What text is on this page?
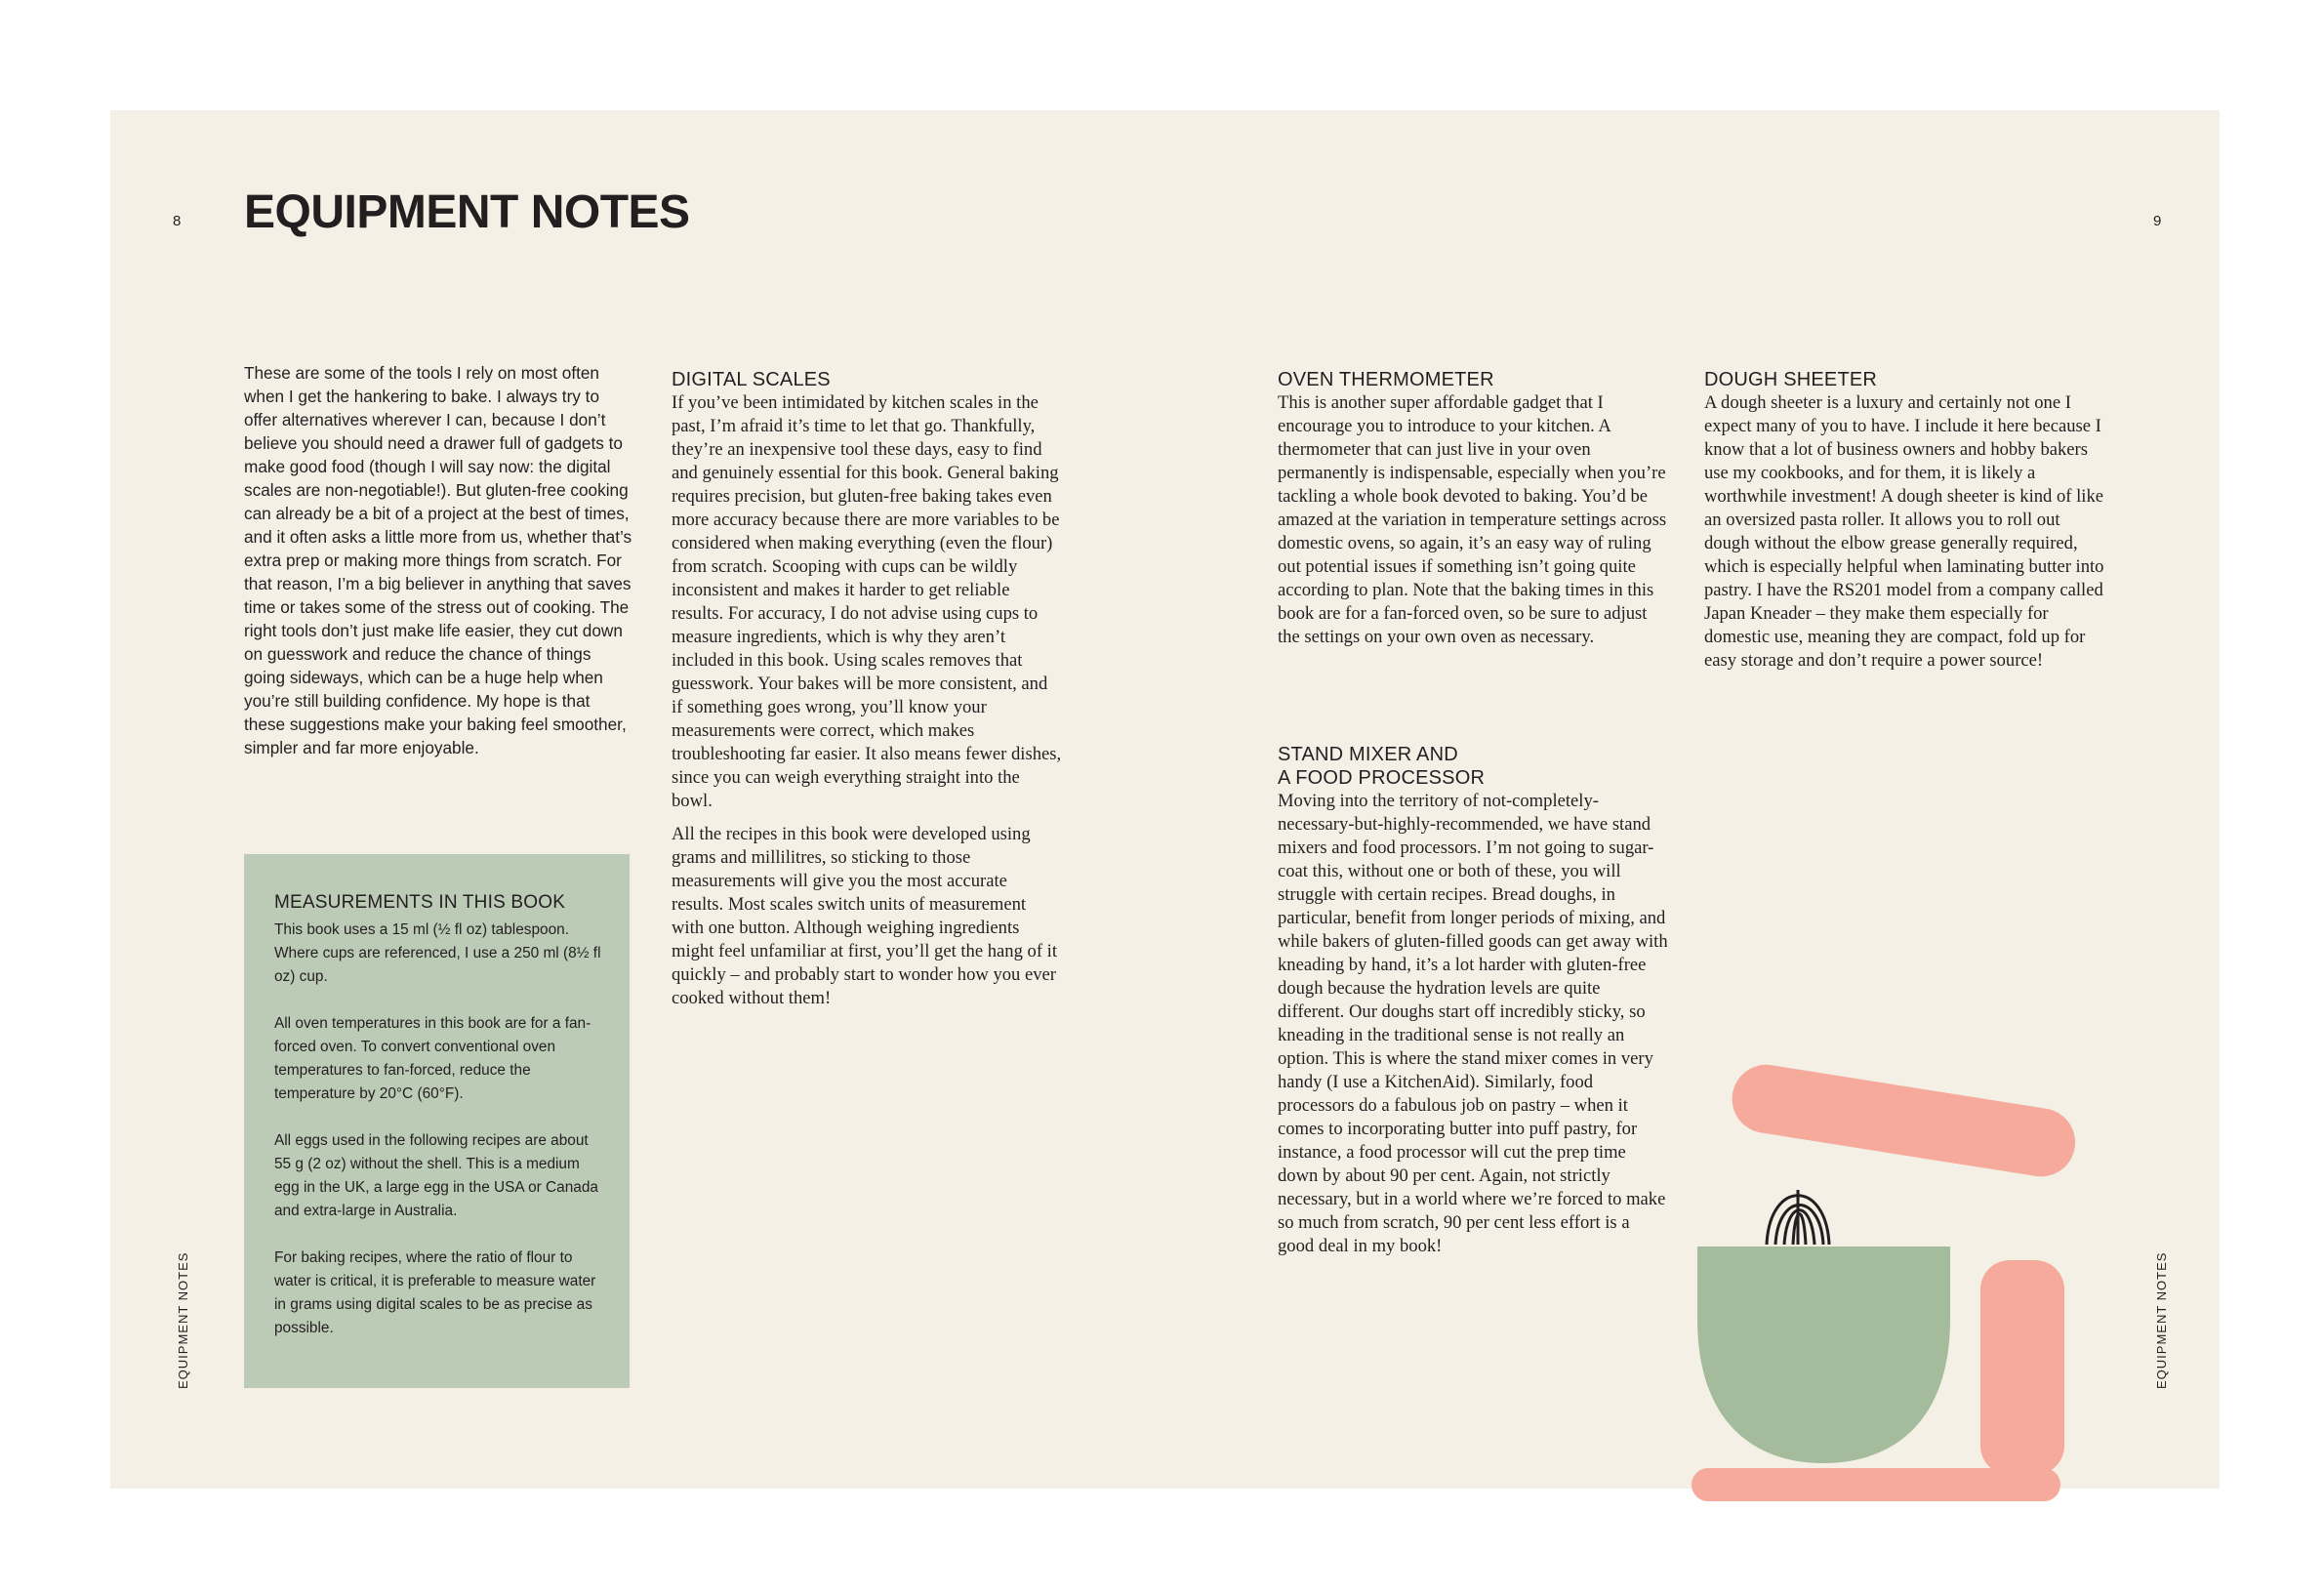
8	9
EQUIPMENT NOTES	EQUIPMENT NOTES
EQUIPMENT NOTES

These are some of the tools I rely on most often when I get the hankering to bake. I always try to offer alternatives wherever I can, because I don’t believe you should need a drawer full of gadgets to make good food (though I will say now: the digital scales are non-negotiable!). But gluten-free cooking can already be a bit of a project at the best of times, and it often asks a little more from us, whether that’s extra prep or making more things from scratch. For that reason, I’m a big believer in anything that saves time or takes some of the stress out of cooking. The right tools don’t just make life easier, they cut down on guesswork and reduce the chance of things going sideways, which can be a huge help when you’re still building confidence. My hope is that these suggestions make your baking feel smoother, simpler and far more enjoyable.

MEASUREMENTS IN THIS BOOK

This book uses a 15 ml (½ fl oz) tablespoon. Where cups are referenced, I use a 250 ml (8½ fl oz) cup.

All oven temperatures in this book are for a fan-forced oven. To convert conventional oven temperatures to fan-forced, reduce the temperature by 20°C (60°F).

All eggs used in the following recipes are about 55 g (2 oz) without the shell. This is a medium egg in the UK, a large egg in the USA or Canada and extra-large in Australia.

For baking recipes, where the ratio of flour to water is critical, it is preferable to measure water in grams using digital scales to be as precise as possible.

DIGITAL SCALES

If you’ve been intimidated by kitchen scales in the past, I’m afraid it’s time to let that go. Thankfully, they’re an inexpensive tool these days, easy to find and genuinely essential for this book. General baking requires precision, but gluten-free baking takes even more accuracy because there are more variables to be considered when making everything (even the flour) from scratch. Scooping with cups can be wildly inconsistent and makes it harder to get reliable results. For accuracy, I do not advise using cups to measure ingredients, which is why they aren’t included in this book. Using scales removes that guesswork. Your bakes will be more consistent, and if something goes wrong, you’ll know your measurements were correct, which makes troubleshooting far easier. It also means fewer dishes, since you can weigh everything straight into the bowl.

All the recipes in this book were developed using grams and millilitres, so sticking to those measurements will give you the most accurate results. Most scales switch units of measurement with one button. Although weighing ingredients might feel unfamiliar at first, you’ll get the hang of it quickly – and probably start to wonder how you ever cooked without them!

OVEN THERMOMETER

This is another super affordable gadget that I encourage you to introduce to your kitchen. A thermometer that can just live in your oven permanently is indispensable, especially when you’re tackling a whole book devoted to baking. You’d be amazed at the variation in temperature settings across domestic ovens, so again, it’s an easy way of ruling out potential issues if something isn’t going quite according to plan. Note that the baking times in this book are for a fan-forced oven, so be sure to adjust the settings on your own oven as necessary.

STAND MIXER AND

A FOOD PROCESSOR

Moving into the territory of not-completely-necessary-but-highly-recommended, we have stand mixers and food processors. I’m not going to sugar-coat this, without one or both of these, you will struggle with certain recipes. Bread doughs, in particular, benefit from longer periods of mixing, and while bakers of gluten-filled goods can get away with kneading by hand, it’s a lot harder with gluten-free dough because the hydration levels are quite different. Our doughs start off incredibly sticky, so kneading in the traditional sense is not really an option. This is where the stand mixer comes in very handy (I use a KitchenAid). Similarly, food processors do a fabulous job on pastry – when it comes to incorporating butter into puff pastry, for instance, a food processor will cut the prep time down by about 90 per cent. Again, not strictly necessary, but in a world where we’re forced to make so much from scratch, 90 per cent less effort is a good deal in my book!

DOUGH SHEETER

A dough sheeter is a luxury and certainly not one I expect many of you to have. I include it here because I know that a lot of business owners and hobby bakers use my cookbooks, and for them, it is likely a worthwhile investment! A dough sheeter is kind of like an oversized pasta roller. It allows you to roll out dough without the elbow grease generally required, which is especially helpful when laminating butter into pastry. I have the RS201 model from a company called Japan Kneader – they make them especially for domestic use, meaning they are compact, fold up for easy storage and don’t require a power source!
